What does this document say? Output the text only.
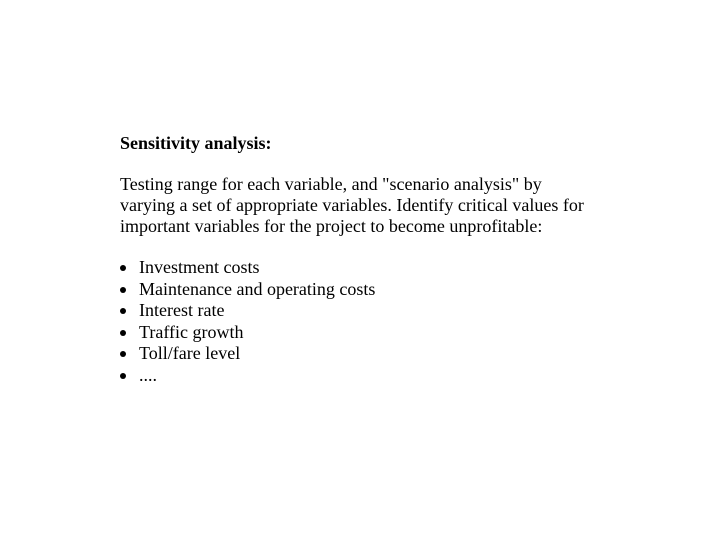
Sensitivity analysis:
Testing range for each variable, and "scenario analysis" by
varying a set of appropriate variables. Identify critical values for
important variables for the project to become unprofitable:
Investment costs
Maintenance and operating costs
Interest rate
Traffic growth
Toll/fare level
....
